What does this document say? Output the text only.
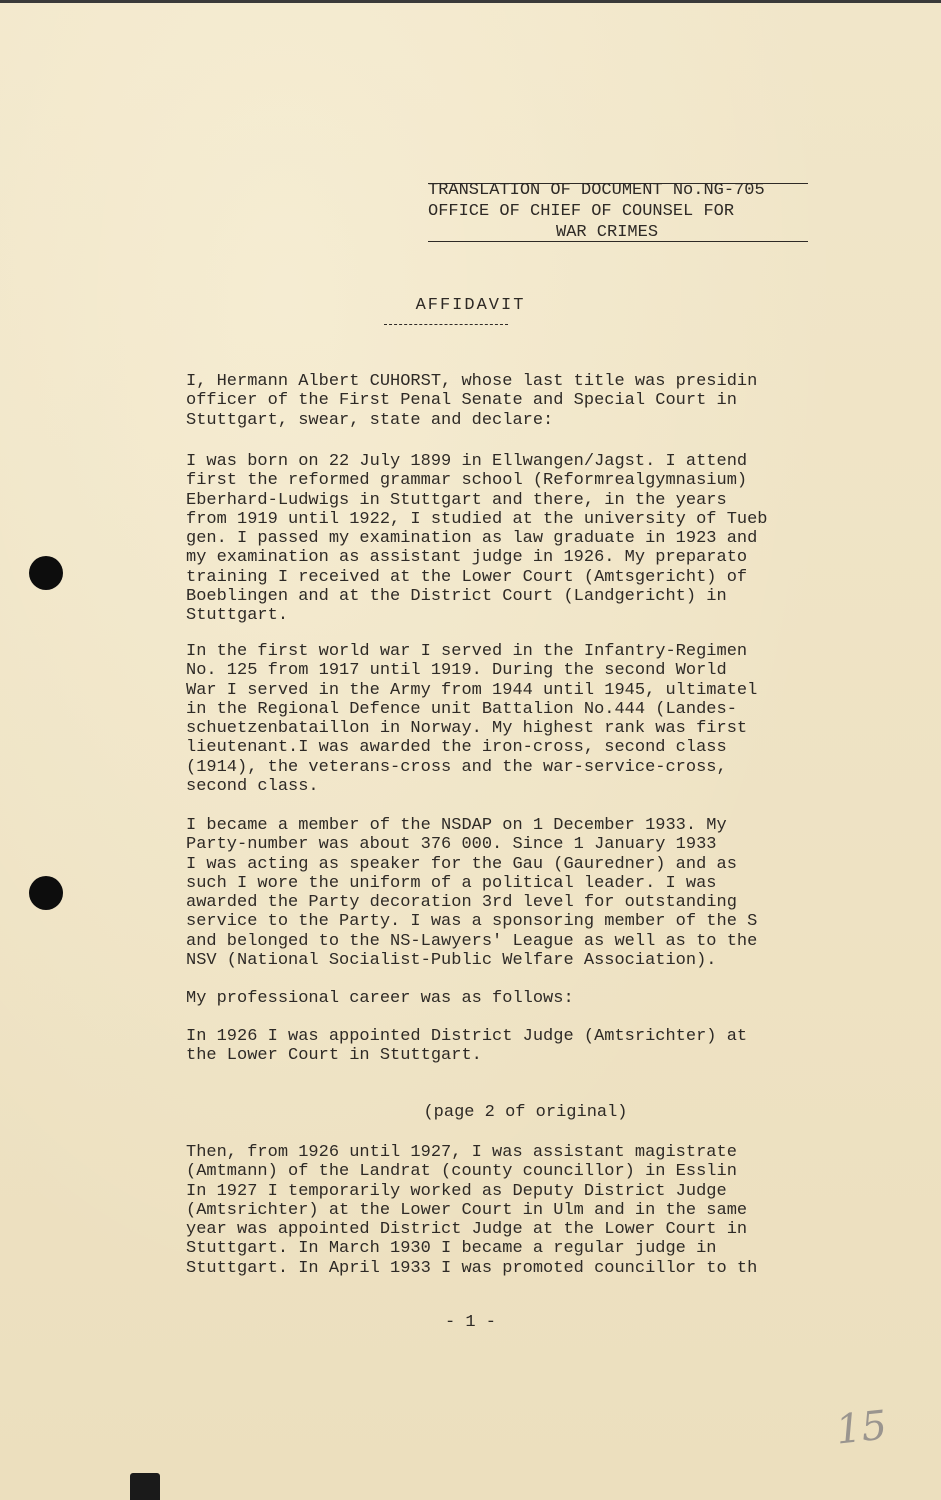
TRANSLATION OF DOCUMENT No.NG-705
OFFICE OF CHIEF OF COUNSEL FOR
WAR CRIMES
AFFIDAVIT
I, Hermann Albert CUHORST, whose last title was presidin
officer of the First Penal Senate and Special Court in
Stuttgart, swear, state and declare:
I was born on 22 July 1899 in Ellwangen/Jagst. I attend
first the reformed grammar school (Reformrealgymnasium)
Eberhard-Ludwigs in Stuttgart and there, in the years
from 1919 until 1922, I studied at the university of Tueb
gen. I passed my examination as law graduate in 1923 and
my examination as assistant judge in 1926. My preparato
training I received at the Lower Court (Amtsgericht) of
Boeblingen and at the District Court (Landgericht) in
Stuttgart.
In the first world war I served in the Infantry-Regimen
No. 125 from 1917 until 1919. During the second World
War I served in the Army from 1944 until 1945, ultimatel
in the Regional Defence unit Battalion No.444 (Landes-
schuetzenbataillon in Norway. My highest rank was first
lieutenant.I was awarded the iron-cross, second class
(1914), the veterans-cross and the war-service-cross,
second class.
I became a member of the NSDAP on 1 December 1933. My
Party-number was about 376 000. Since 1 January 1933
I was acting as speaker for the Gau (Gauredner) and as
such I wore the uniform of a political leader. I was
awarded the Party decoration 3rd level for outstanding
service to the Party. I was a sponsoring member of the S
and belonged to the NS-Lawyers' League as well as to the
NSV (National Socialist-Public Welfare Association).
My professional career was as follows:
In 1926 I was appointed District Judge (Amtsrichter) at
the Lower Court in Stuttgart.
(page 2 of original)
Then, from 1926 until 1927, I was assistant magistrate
(Amtmann) of the Landrat (county councillor) in Esslin
In 1927 I temporarily worked as Deputy District Judge
(Amtsrichter) at the Lower Court in Ulm and in the same
year was appointed District Judge at the Lower Court in
Stuttgart. In March 1930 I became a regular judge in
Stuttgart. In April 1933 I was promoted councillor to th
- 1 -
15
